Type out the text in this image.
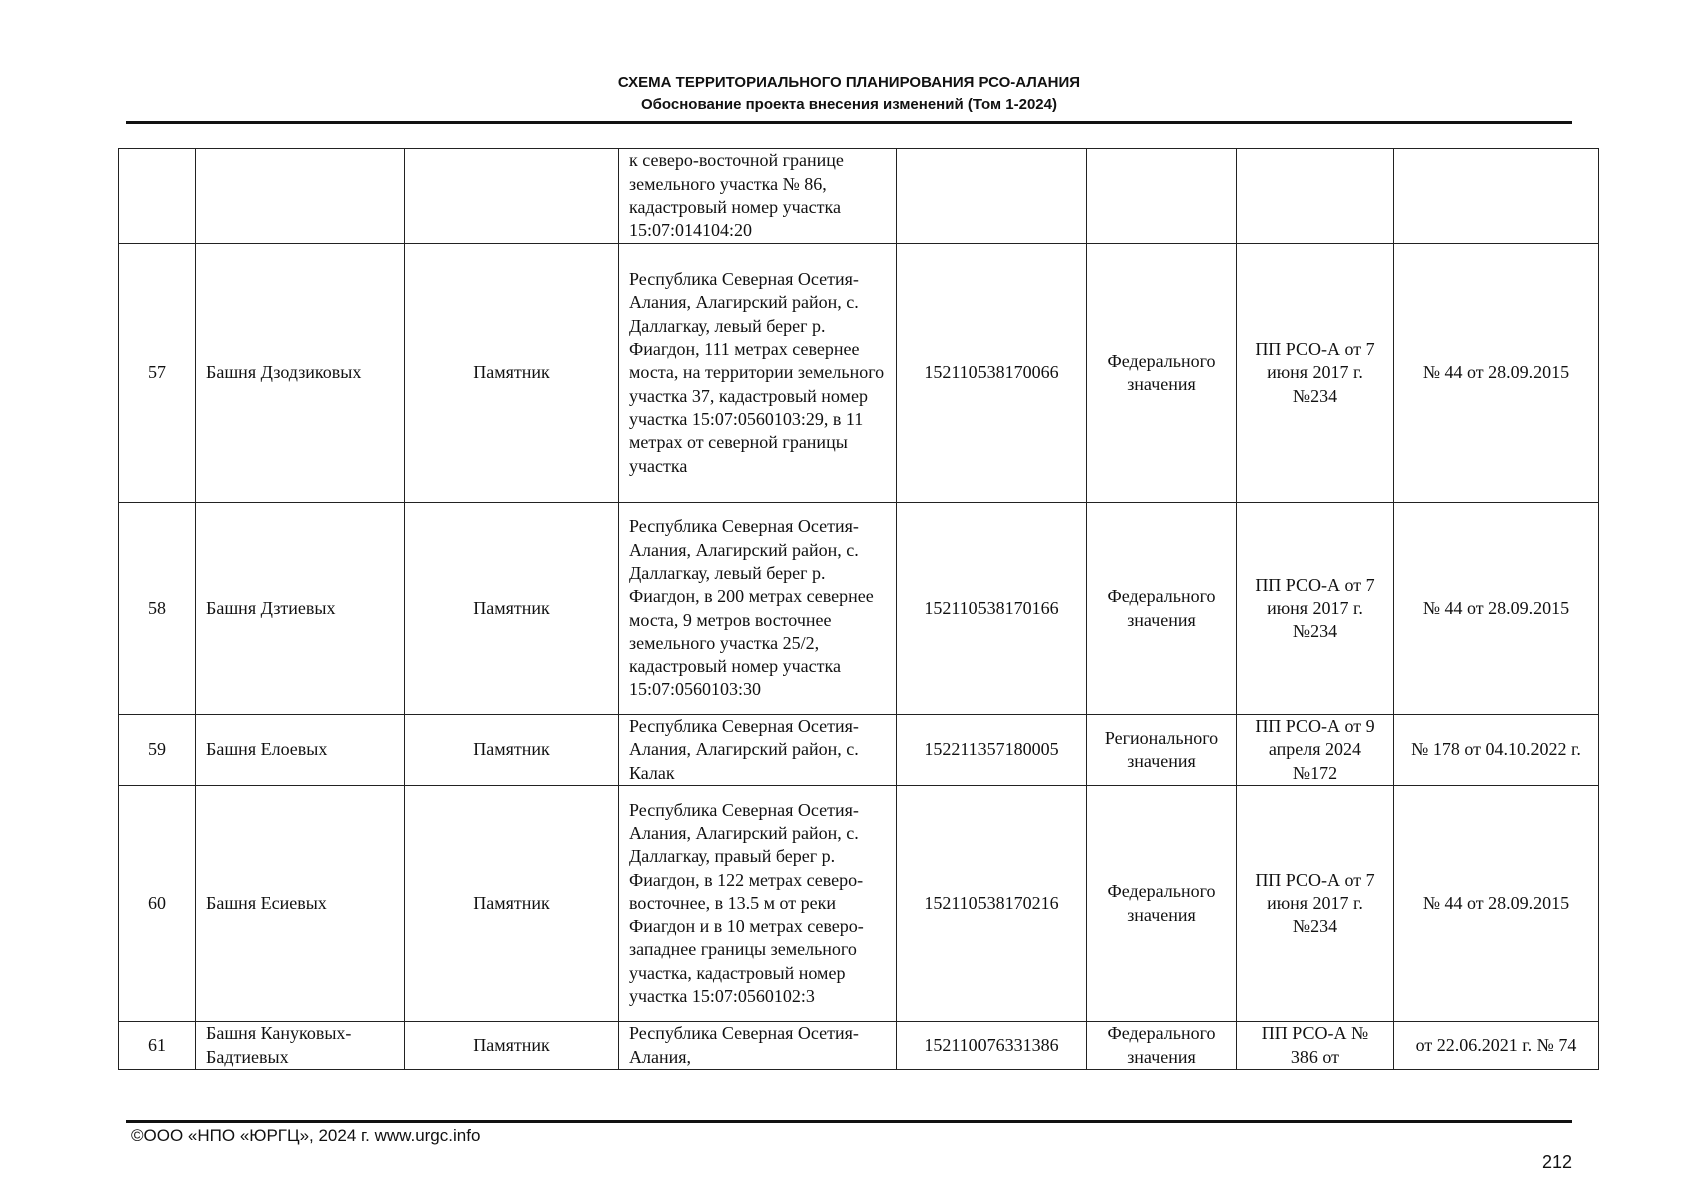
СХЕМА ТЕРРИТОРИАЛЬНОГО ПЛАНИРОВАНИЯ РСО-АЛАНИЯ
Обоснование проекта внесения изменений (Том 1-2024)
			к северо-восточной границе земельного участка № 86, кадастровый номер участка 15:07:014104:20				
57	Башня Дзодзиковых	Памятник	Республика Северная Осетия-Алания, Алагирский район, с. Даллагкау, левый берег р. Фиагдон, 111 метрах севернее моста, на территории земельного участка 37, кадастровый номер участка 15:07:0560103:29, в 11 метрах от северной границы участка	152110538170066	Федерального значения	ПП РСО-А от 7 июня 2017 г. №234	№ 44 от 28.09.2015
58	Башня Дзтиевых	Памятник	Республика Северная Осетия-Алания, Алагирский район, с. Даллагкау, левый берег р. Фиагдон, в 200 метрах севернее моста, 9 метров восточнее земельного участка 25/2, кадастровый номер участка 15:07:0560103:30	152110538170166	Федерального значения	ПП РСО-А от 7 июня 2017 г. №234	№ 44 от 28.09.2015
59	Башня Елоевых	Памятник	Республика Северная Осетия-Алания, Алагирский район, с. Калак	152211357180005	Регионального значения	ПП РСО-А от 9 апреля 2024 №172	№ 178 от 04.10.2022 г.
60	Башня Есиевых	Памятник	Республика Северная Осетия-Алания, Алагирский район, с. Даллагкау, правый берег р. Фиагдон, в 122 метрах северо-восточнее, в 13.5 м от реки Фиагдон и в 10 метрах северо-западнее границы земельного участка, кадастровый номер участка 15:07:0560102:3	152110538170216	Федерального значения	ПП РСО-А от 7 июня 2017 г. №234	№ 44 от 28.09.2015
61	Башня Кануковых-Бадтиевых	Памятник	Республика Северная Осетия-Алания,	152110076331386	Федерального значения	ПП РСО-А № 386 от	от 22.06.2021 г. № 74
©ООО «НПО «ЮРГЦ», 2024 г. www.urgc.info
212
